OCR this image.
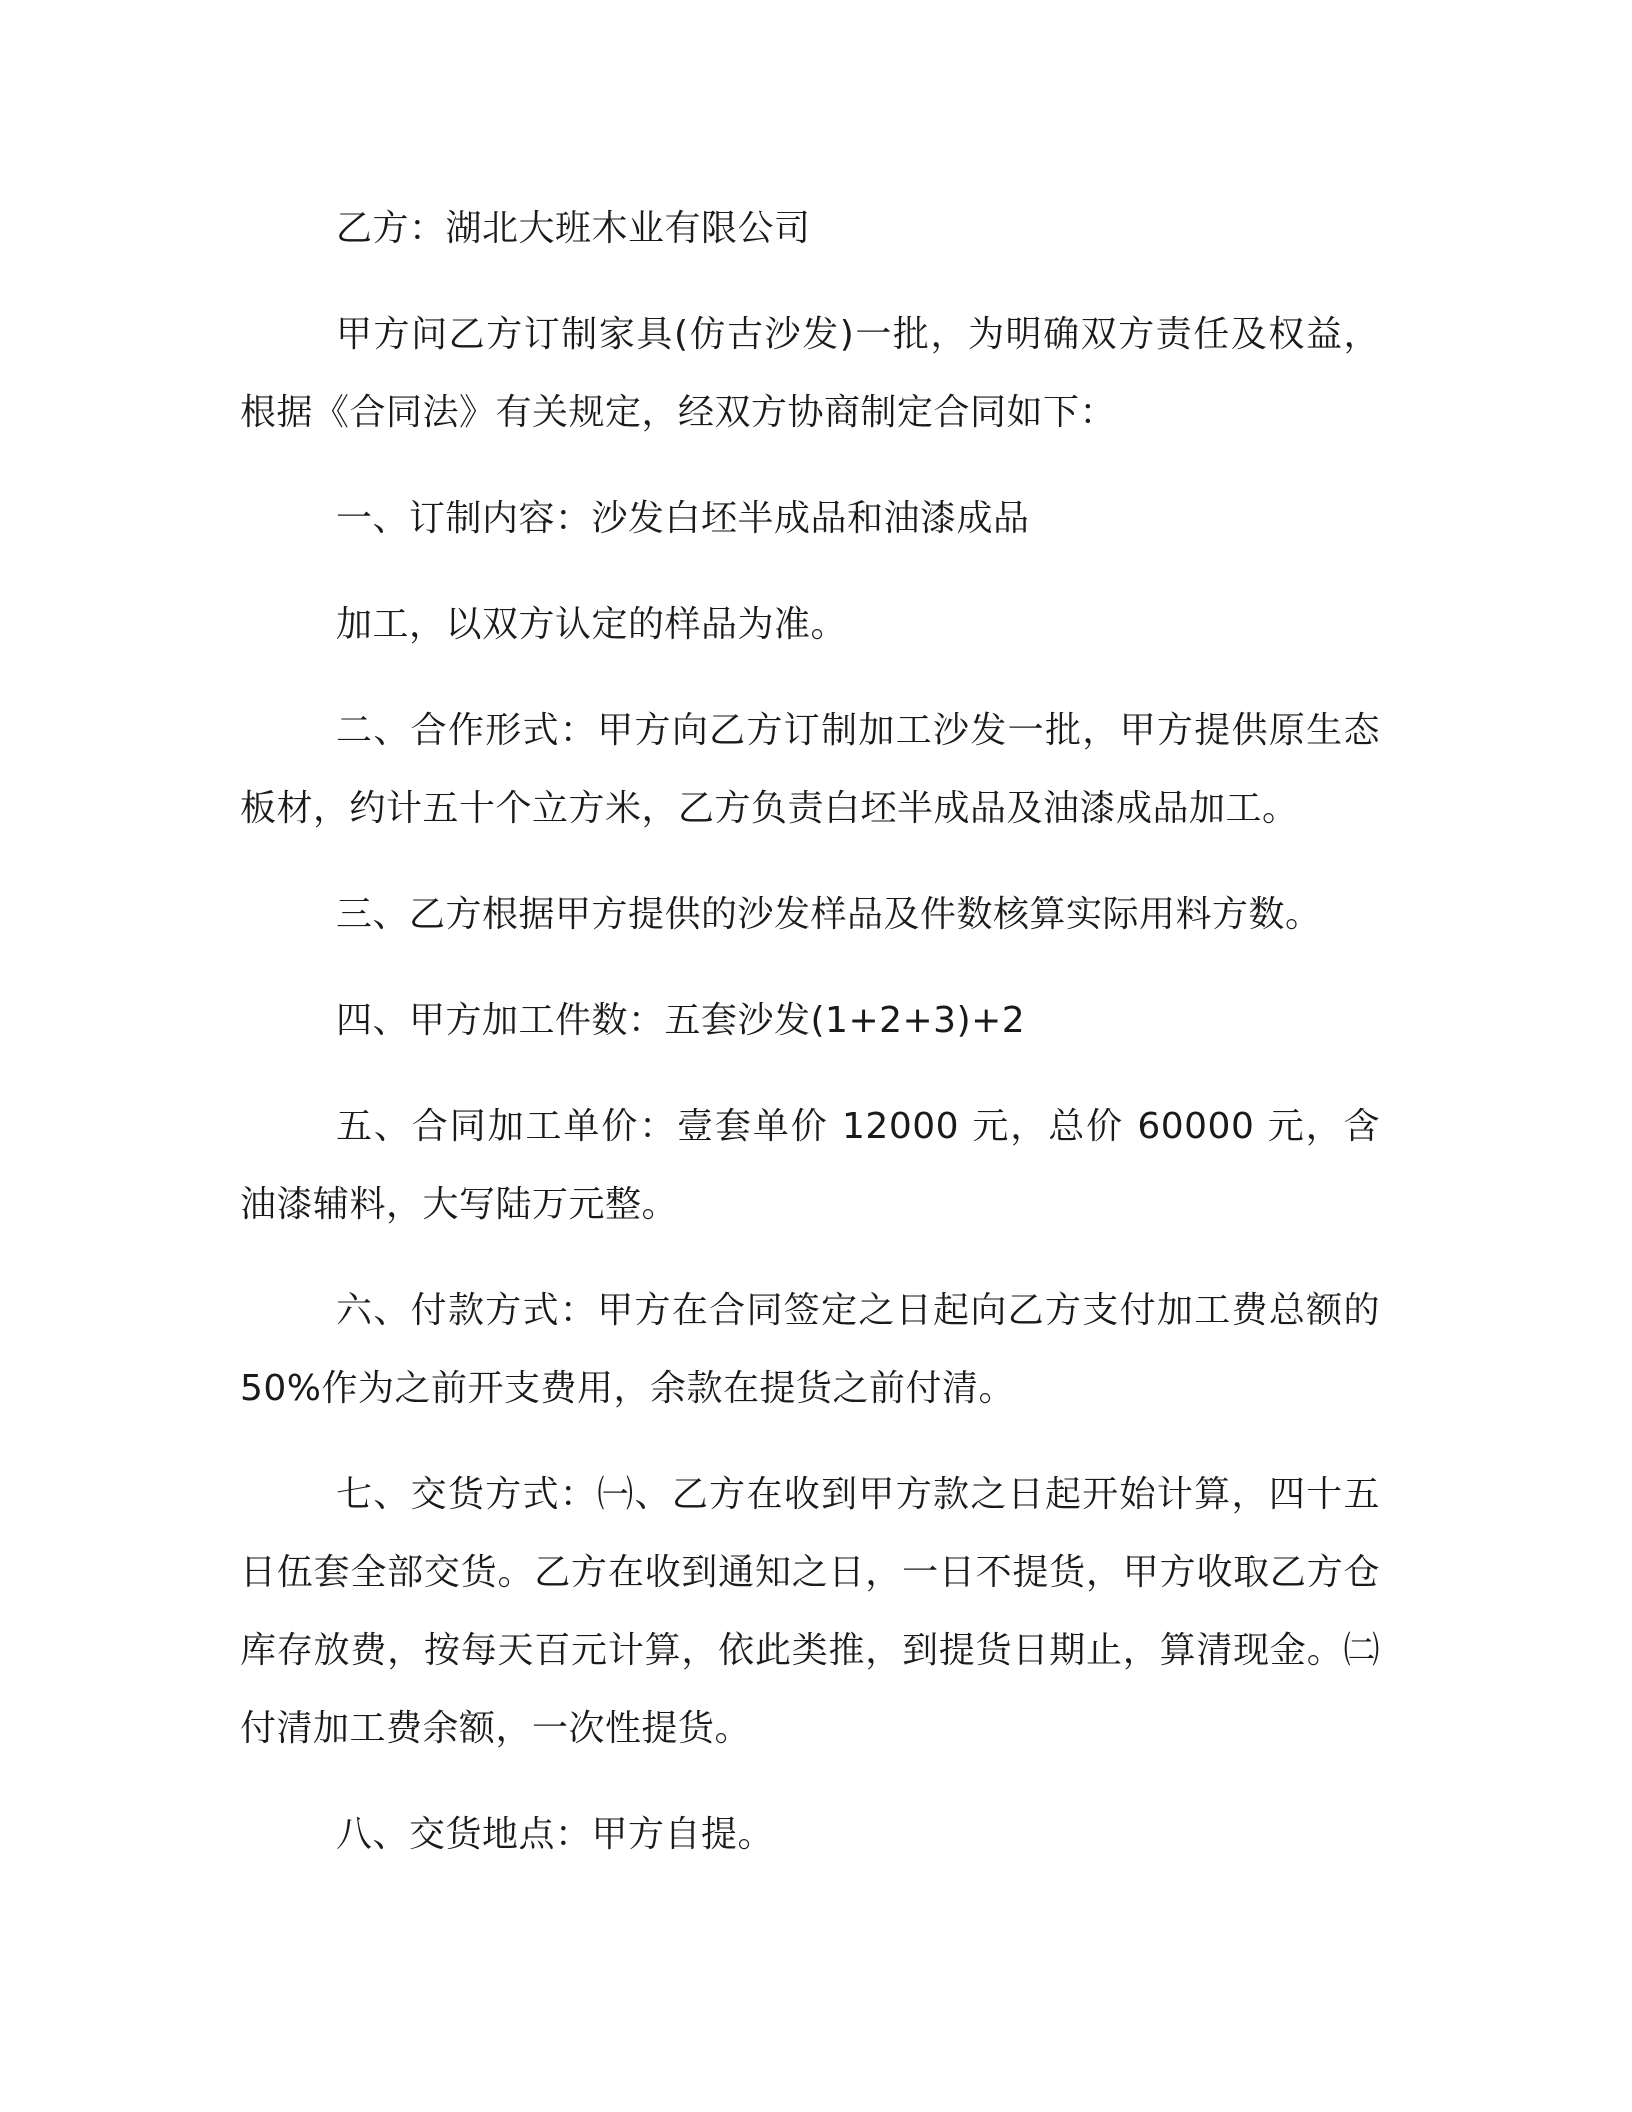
乙方：湖北大班木业有限公司

甲方问乙方订制家具(仿古沙发)一批，为明确双方责任及权益，根据《合同法》有关规定，经双方协商制定合同如下：

一、订制内容：沙发白坯半成品和油漆成品

加工，以双方认定的样品为准。

二、合作形式：甲方向乙方订制加工沙发一批，甲方提供原生态板材，约计五十个立方米，乙方负责白坯半成品及油漆成品加工。

三、乙方根据甲方提供的沙发样品及件数核算实际用料方数。

四、甲方加工件数：五套沙发(1+2+3)+2

五、合同加工单价：壹套单价 12000 元，总价 60000 元，含油漆辅料，大写陆万元整。

六、付款方式：甲方在合同签定之日起向乙方支付加工费总额的50%作为之前开支费用，余款在提货之前付清。

七、交货方式：㈠、乙方在收到甲方款之日起开始计算，四十五日伍套全部交货。乙方在收到通知之日，一日不提货，甲方收取乙方仓库存放费，按每天百元计算，依此类推，到提货日期止，算清现金。㈡付清加工费余额，一次性提货。

八、交货地点：甲方自提。
